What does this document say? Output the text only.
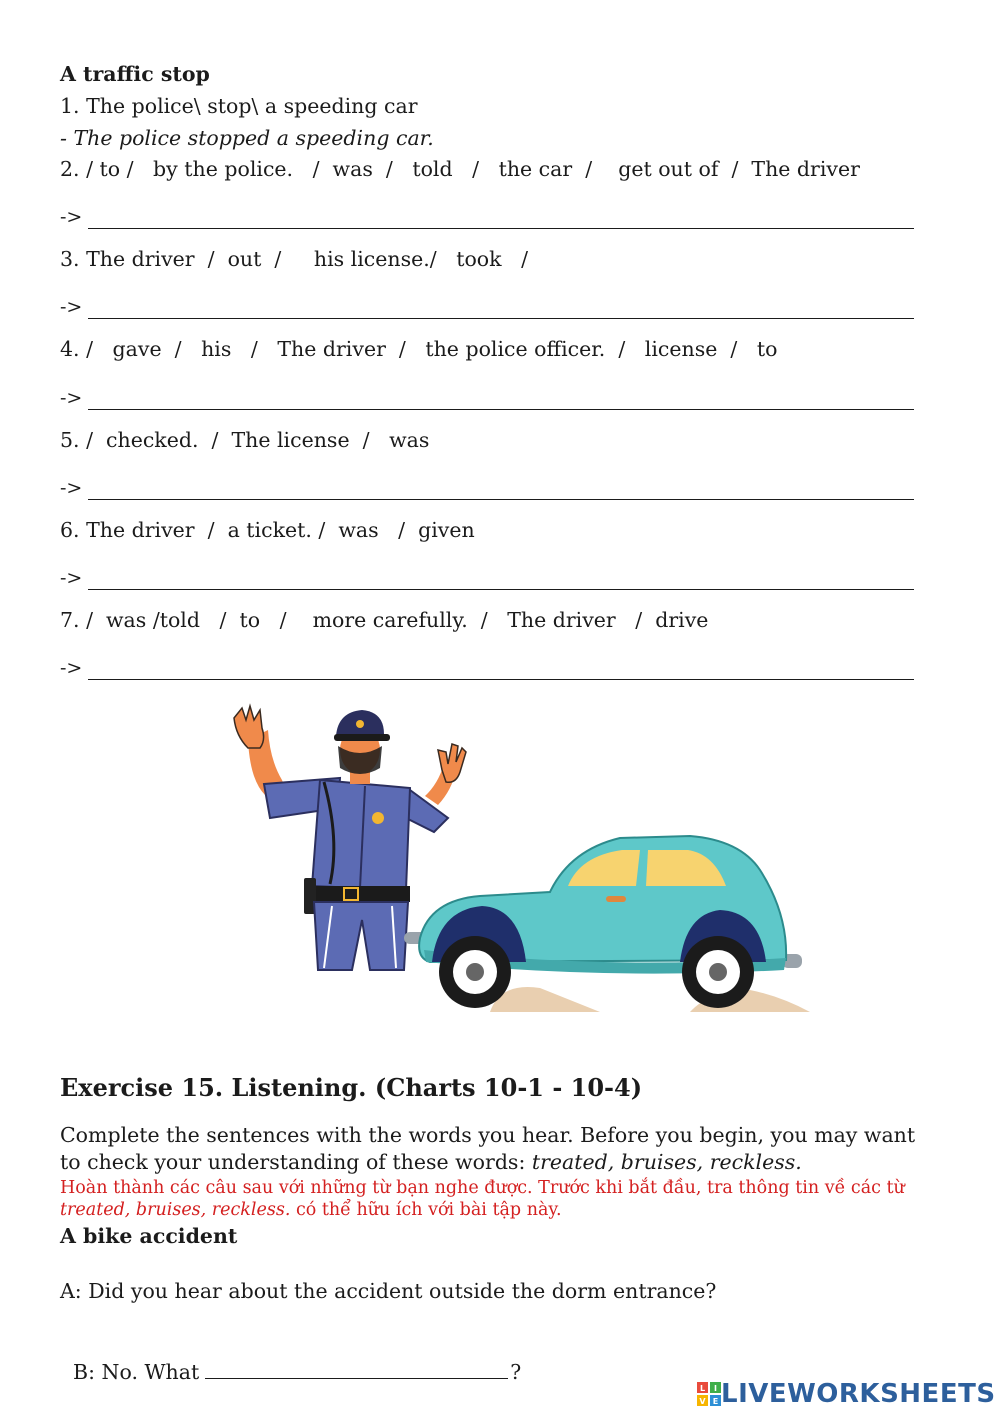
A traffic stop
1. The police\ stop\ a speeding car
- The police stopped a speeding car.
2. / to /   by the police.   /  was  /   told   /   the car  /    get out of  /  The driver
->
3. The driver  /  out  /     his license./   took   /
->
4. /   gave  /   his   /   The driver  /   the police officer.  /   license  /   to
->
5. /  checked.  /  The license  /   was
->
6. The driver  /  a ticket. /  was   /  given
->
7. /  was /told   /  to   /    more carefully.  /   The driver   /  drive
->
Exercise 15. Listening. (Charts 10-1 - 10-4)
Complete the sentences with the words you hear. Before you begin, you may want to check your understanding of these words: treated, bruises, reckless.
Hoàn thành các câu sau với những từ bạn nghe được. Trước khi bắt đầu, tra thông tin về các từ treated, bruises, reckless. có thể hữu ích với bài tập này.
A bike accident
A: Did you hear about the accident outside the dorm entrance?

B: No. What	?

L I
V E LIVEWORKSHEETS
